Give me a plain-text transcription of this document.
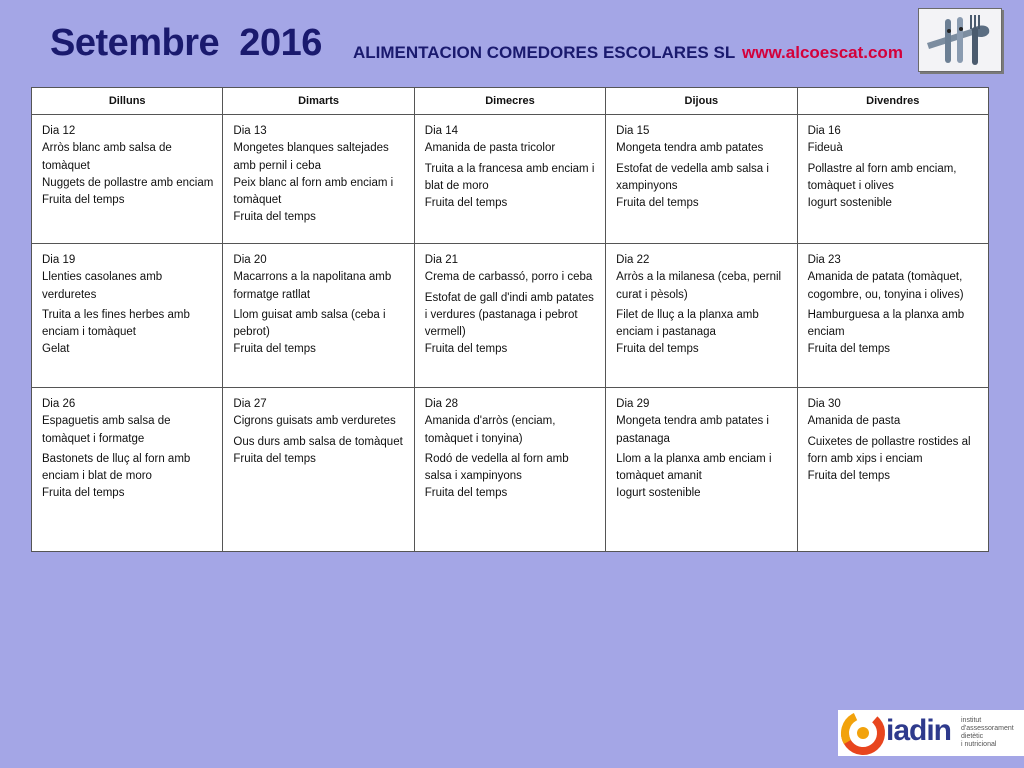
Setembre  2016 ALIMENTACION COMEDORES ESCOLARES SL www.alcoescat.com
Dilluns	Dimarts	Dimecres	Dijous	Divendres

Dia 12
Arròs blanc amb salsa de tomàquet
Nuggets de pollastre amb enciam
Fruita del temps	Dia 13
Mongetes blanques saltejades amb pernil i ceba
Peix blanc al forn amb enciam i tomàquet
Fruita del temps	Dia 14
Amanida de pasta tricolor
Truita a la francesa amb enciam i blat de moro
Fruita del temps	Dia 15
Mongeta tendra amb patates
Estofat de vedella amb salsa i xampinyons
Fruita del temps	Dia 16
Fideuà
Pollastre al forn amb enciam, tomàquet i olives
Iogurt sostenible

Dia 19
Llenties casolanes amb verduretes
Truita a les fines herbes amb enciam i tomàquet
Gelat	Dia 20
Macarrons a la napolitana amb formatge ratllat
Llom guisat amb salsa (ceba i pebrot)
Fruita del temps	Dia 21
Crema de carbassó, porro i ceba
Estofat de gall d'indi amb patates i verdures (pastanaga i pebrot vermell)
Fruita del temps	Dia 22
Arròs a la milanesa (ceba, pernil curat i pèsols)
Filet de lluç a la planxa amb enciam i pastanaga
Fruita del temps	Dia 23
Amanida de patata (tomàquet, cogombre, ou, tonyina i olives)
Hamburguesa a la planxa amb enciam
Fruita del temps

Dia 26
Espaguetis amb salsa de tomàquet i formatge
Bastonets de lluç al forn amb enciam i blat de moro
Fruita del temps	Dia 27
Cigrons guisats amb verduretes
Ous durs amb salsa de tomàquet
Fruita del temps	Dia 28
Amanida d'arròs (enciam, tomàquet i tonyina)
Rodó de vedella al forn amb salsa i xampinyons
Fruita del temps	Dia 29
Mongeta tendra amb patates i pastanaga
Llom a la planxa amb enciam i tomàquet amanit
Iogurt sostenible	Dia 30
Amanida de pasta
Cuixetes de pollastre rostides al forn amb xips i enciam
Fruita del temps
iadin institut
d'assessorament
dietètic
i nutricional
